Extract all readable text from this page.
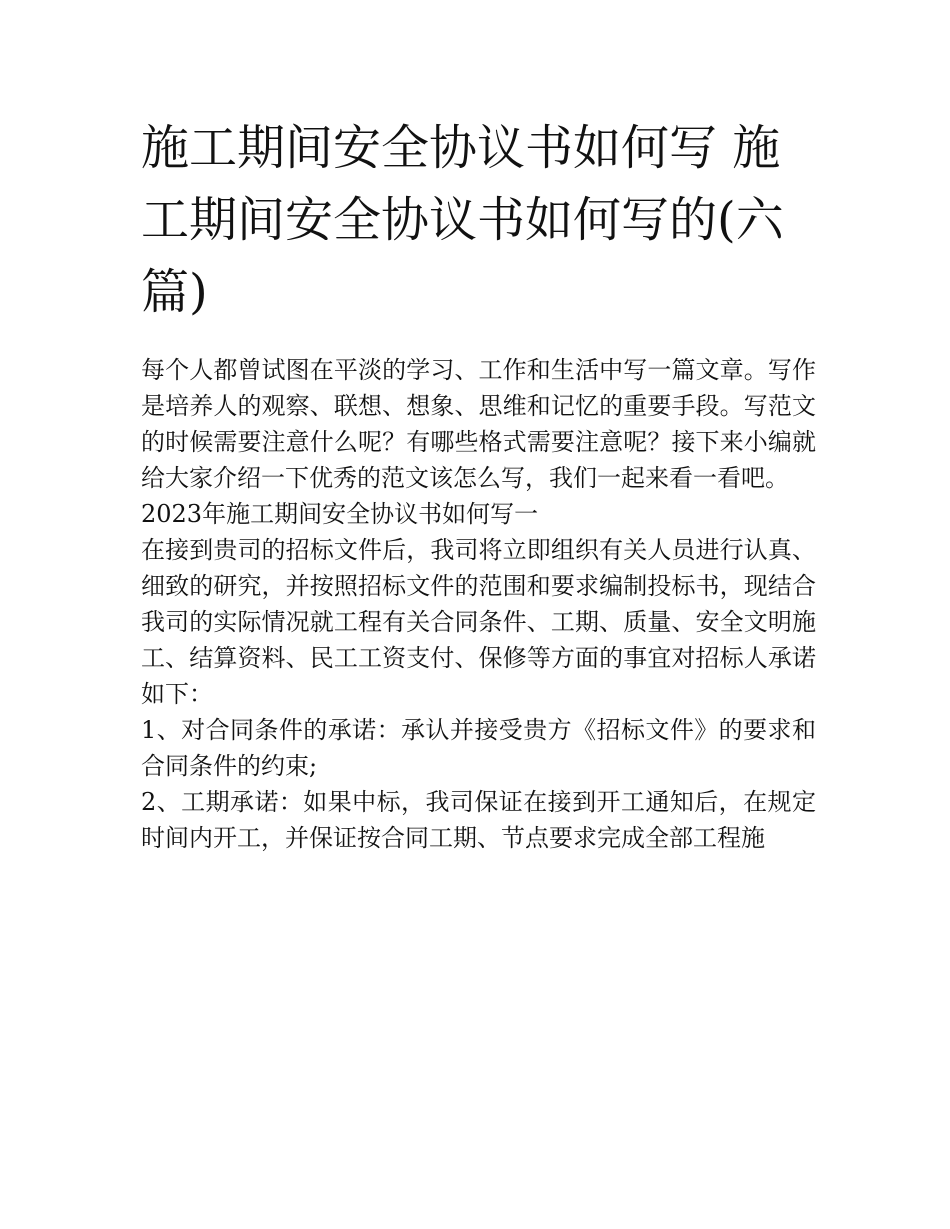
施工期间安全协议书如何写 施工期间安全协议书如何写的(六篇)

每个人都曾试图在平淡的学习、工作和生活中写一篇文章。写作是培养人的观察、联想、想象、思维和记忆的重要手段。写范文的时候需要注意什么呢？有哪些格式需要注意呢？接下来小编就给大家介绍一下优秀的范文该怎么写，我们一起来看一看吧。

2023年施工期间安全协议书如何写一

在接到贵司的招标文件后，我司将立即组织有关人员进行认真、细致的研究，并按照招标文件的范围和要求编制投标书，现结合我司的实际情况就工程有关合同条件、工期、质量、安全文明施工、结算资料、民工工资支付、保修等方面的事宜对招标人承诺如下：

1、对合同条件的承诺：承认并接受贵方《招标文件》的要求和合同条件的约束;

2、工期承诺：如果中标，我司保证在接到开工通知后，在规定时间内开工，并保证按合同工期、节点要求完成全部工程施
